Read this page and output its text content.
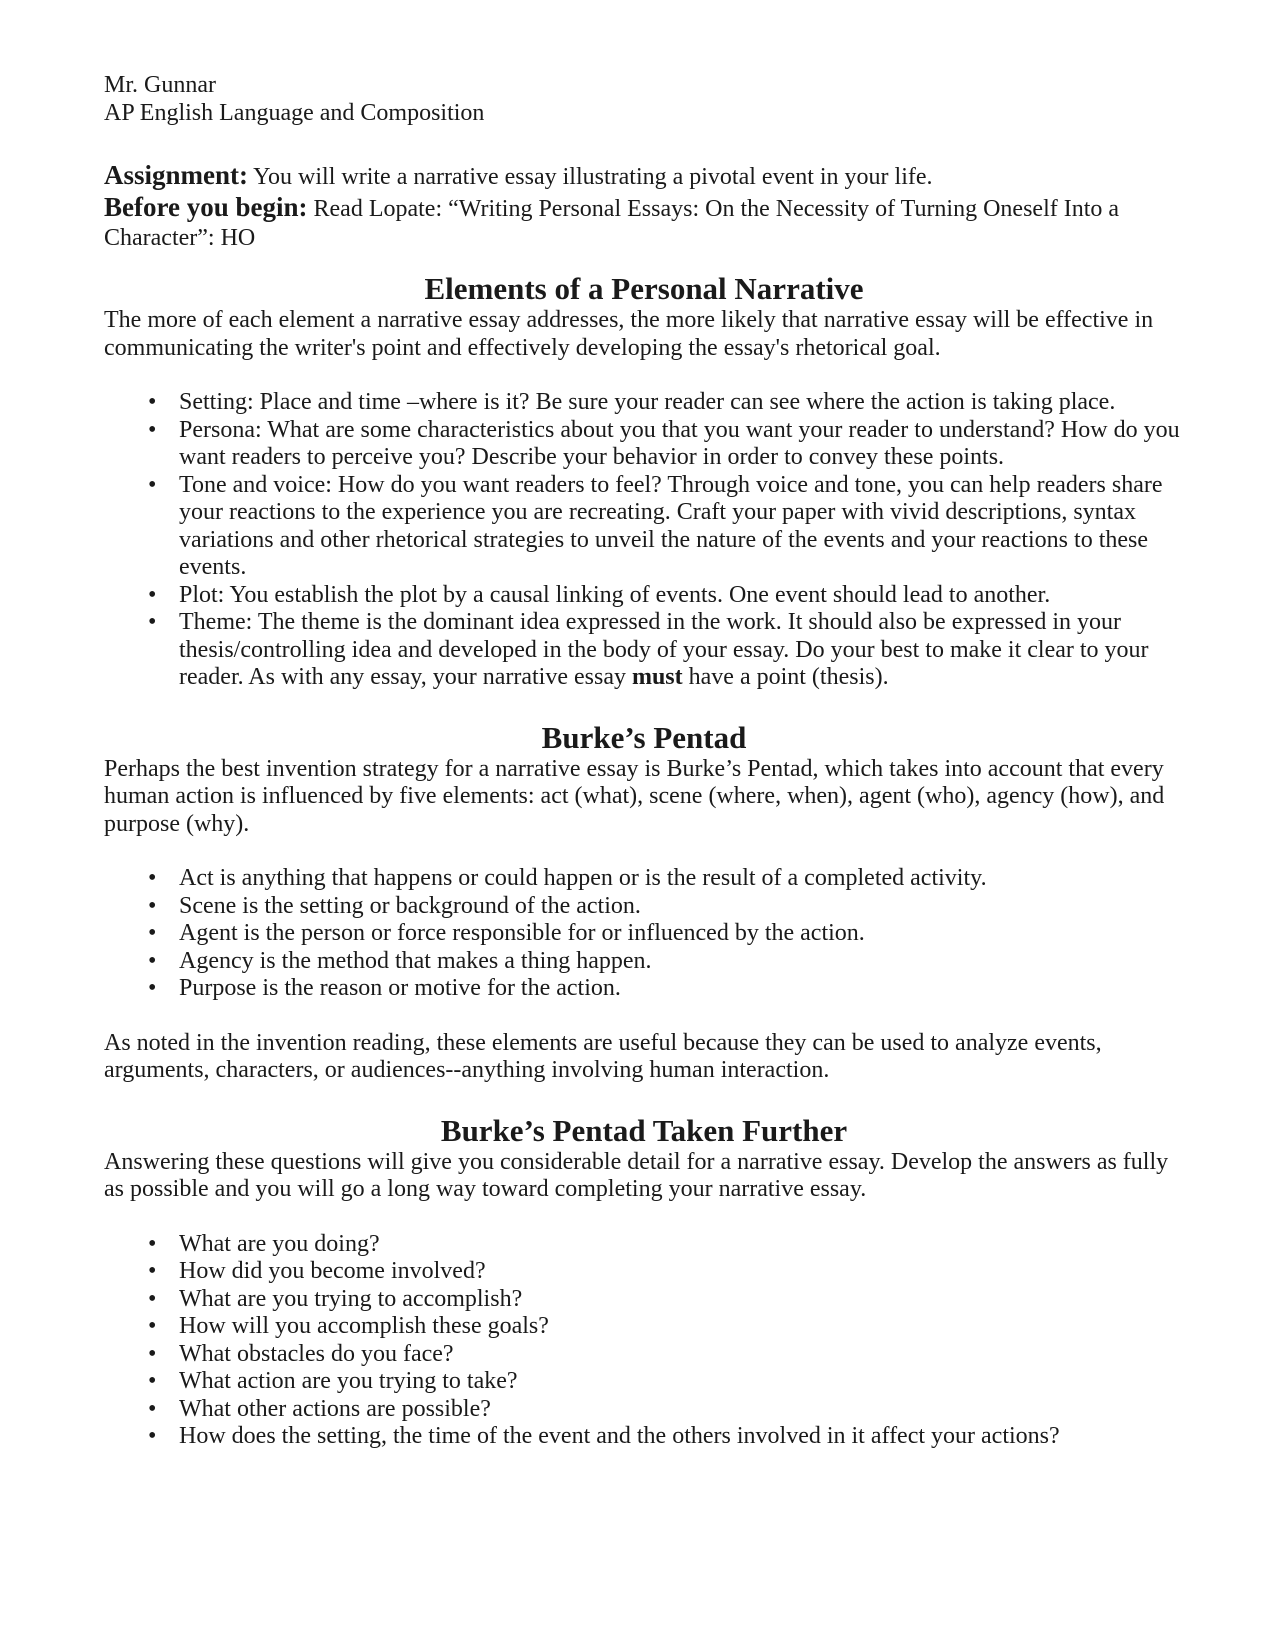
Mr. Gunnar

AP English Language and Composition

Assignment: You will write a narrative essay illustrating a pivotal event in your life.

Before you begin: Read Lopate: “Writing Personal Essays: On the Necessity of Turning Oneself Into a Character”: HO

Elements of a Personal Narrative

The more of each element a narrative essay addresses, the more likely that narrative essay will be effective in communicating the writer's point and effectively developing the essay's rhetorical goal.

• Setting: Place and time –where is it? Be sure your reader can see where the action is taking place.
• Persona: What are some characteristics about you that you want your reader to understand? How do you want readers to perceive you? Describe your behavior in order to convey these points.
• Tone and voice: How do you want readers to feel? Through voice and tone, you can help readers share your reactions to the experience you are recreating. Craft your paper with vivid descriptions, syntax variations and other rhetorical strategies to unveil the nature of the events and your reactions to these events.
• Plot: You establish the plot by a causal linking of events. One event should lead to another.
• Theme: The theme is the dominant idea expressed in the work. It should also be expressed in your thesis/controlling idea and developed in the body of your essay. Do your best to make it clear to your reader. As with any essay, your narrative essay must have a point (thesis).
Burke’s Pentad

Perhaps the best invention strategy for a narrative essay is Burke’s Pentad, which takes into account that every human action is influenced by five elements: act (what), scene (where, when), agent (who), agency (how), and purpose (why).

• Act is anything that happens or could happen or is the result of a completed activity.
• Scene is the setting or background of the action.
• Agent is the person or force responsible for or influenced by the action.
• Agency is the method that makes a thing happen.
• Purpose is the reason or motive for the action.

As noted in the invention reading, these elements are useful because they can be used to analyze events, arguments, characters, or audiences--anything involving human interaction.

Burke’s Pentad Taken Further

Answering these questions will give you considerable detail for a narrative essay. Develop the answers as fully as possible and you will go a long way toward completing your narrative essay.

• What are you doing?
• How did you become involved?
• What are you trying to accomplish?
• How will you accomplish these goals?
• What obstacles do you face?
• What action are you trying to take?
• What other actions are possible?
• How does the setting, the time of the event and the others involved in it affect your actions?
